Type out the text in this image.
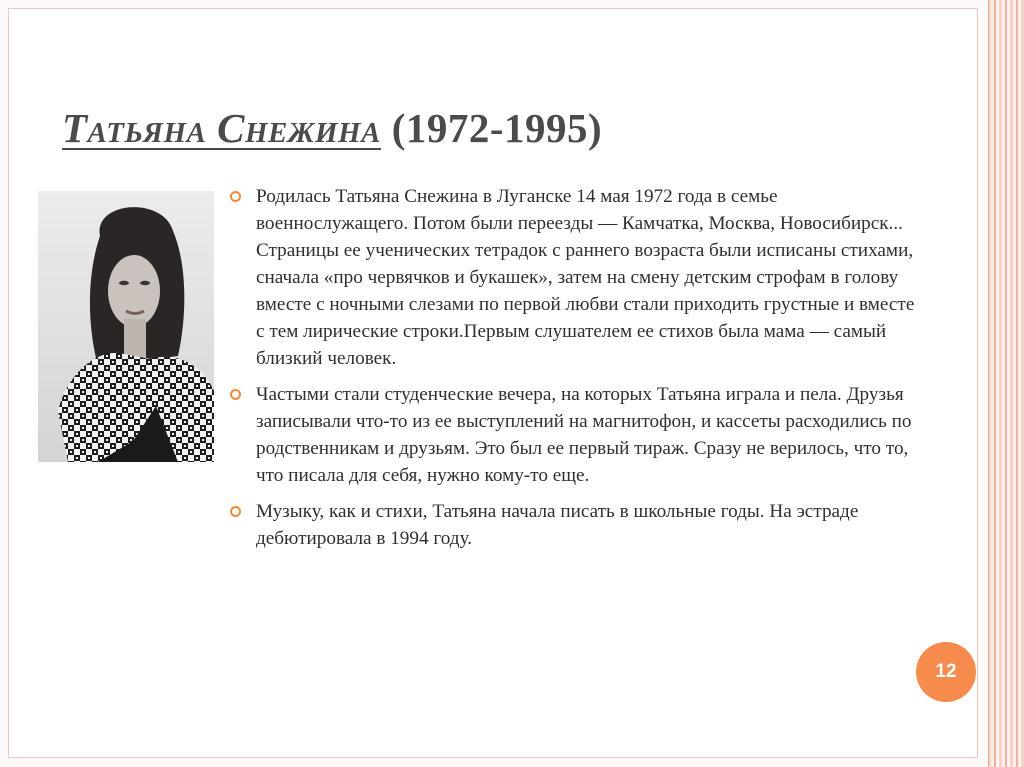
Татьяна Снежина (1972-1995)
Родилась Татьяна Снежина в Луганске 14 мая 1972 года в семье военнослужащего. Потом были переезды — Камчатка, Москва, Новосибирск... Страницы ее ученических тетрадок с раннего возраста были исписаны стихами, сначала «про червячков и букашек», затем на смену детским строфам в голову вместе с ночными слезами по первой любви стали приходить грустные и вместе с тем лирические строки.Первым слушателем ее стихов была мама — самый близкий человек.
Частыми стали студенческие вечера, на которых Татьяна играла и пела. Друзья записывали что-то из ее выступлений на магнитофон, и кассеты расходились по родственникам и друзьям. Это был ее первый тираж. Сразу не верилось, что то, что писала для себя, нужно кому-то еще.
Музыку, как и стихи, Татьяна начала писать в школьные годы. На эстраде дебютировала в 1994 году.
12
